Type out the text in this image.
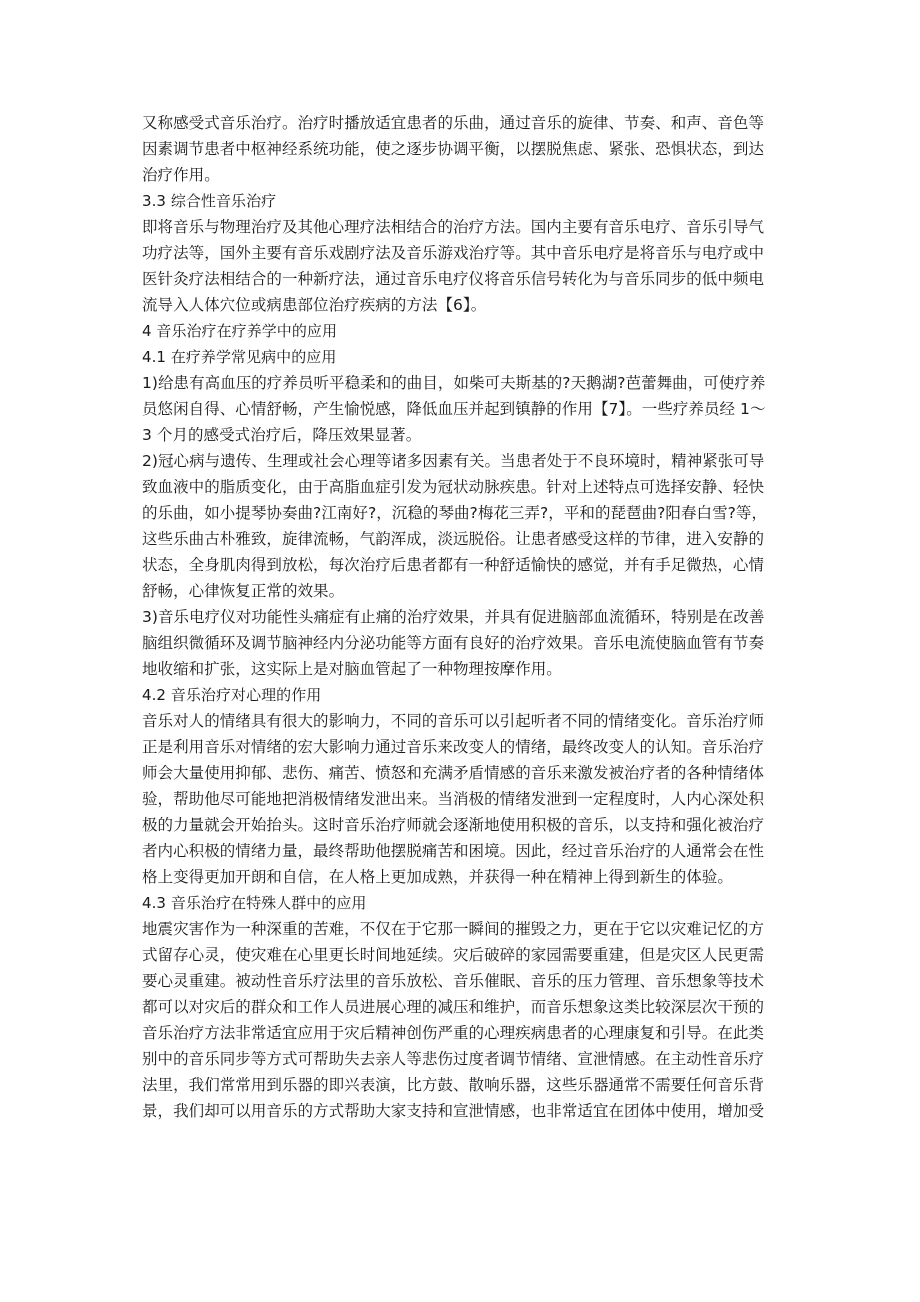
又称感受式音乐治疗。治疗时播放适宜患者的乐曲，通过音乐的旋律、节奏、和声、音色等
因素调节患者中枢神经系统功能，使之逐步协调平衡，以摆脱焦虑、紧张、恐惧状态，到达
治疗作用。
3.3 综合性音乐治疗
即将音乐与物理治疗及其他心理疗法相结合的治疗方法。国内主要有音乐电疗、音乐引导气
功疗法等，国外主要有音乐戏剧疗法及音乐游戏治疗等。其中音乐电疗是将音乐与电疗或中
医针灸疗法相结合的一种新疗法，通过音乐电疗仪将音乐信号转化为与音乐同步的低中频电
流导入人体穴位或病患部位治疗疾病的方法【6】。
4 音乐治疗在疗养学中的应用
4.1 在疗养学常见病中的应用
1)给患有高血压的疗养员听平稳柔和的曲目，如柴可夫斯基的?天鹅湖?芭蕾舞曲，可使疗养
员悠闲自得、心情舒畅，产生愉悦感，降低血压并起到镇静的作用【7】。一些疗养员经 1～
3 个月的感受式治疗后，降压效果显著。
2)冠心病与遗传、生理或社会心理等诸多因素有关。当患者处于不良环境时，精神紧张可导
致血液中的脂质变化，由于高脂血症引发为冠状动脉疾患。针对上述特点可选择安静、轻快
的乐曲，如小提琴协奏曲?江南好?，沉稳的琴曲?梅花三弄?，平和的琵琶曲?阳春白雪?等，
这些乐曲古朴雅致，旋律流畅，气韵浑成，淡远脱俗。让患者感受这样的节律，进入安静的
状态，全身肌肉得到放松，每次治疗后患者都有一种舒适愉快的感觉，并有手足微热，心情
舒畅，心律恢复正常的效果。
3)音乐电疗仪对功能性头痛症有止痛的治疗效果，并具有促进脑部血流循环，特别是在改善
脑组织微循环及调节脑神经内分泌功能等方面有良好的治疗效果。音乐电流使脑血管有节奏
地收缩和扩张，这实际上是对脑血管起了一种物理按摩作用。
4.2 音乐治疗对心理的作用
音乐对人的情绪具有很大的影响力，不同的音乐可以引起听者不同的情绪变化。音乐治疗师
正是利用音乐对情绪的宏大影响力通过音乐来改变人的情绪，最终改变人的认知。音乐治疗
师会大量使用抑郁、悲伤、痛苦、愤怒和充满矛盾情感的音乐来激发被治疗者的各种情绪体
验，帮助他尽可能地把消极情绪发泄出来。当消极的情绪发泄到一定程度时，人内心深处积
极的力量就会开始抬头。这时音乐治疗师就会逐渐地使用积极的音乐，以支持和强化被治疗
者内心积极的情绪力量，最终帮助他摆脱痛苦和困境。因此，经过音乐治疗的人通常会在性
格上变得更加开朗和自信，在人格上更加成熟，并获得一种在精神上得到新生的体验。
4.3 音乐治疗在特殊人群中的应用
地震灾害作为一种深重的苦难，不仅在于它那一瞬间的摧毁之力，更在于它以灾难记忆的方
式留存心灵，使灾难在心里更长时间地延续。灾后破碎的家园需要重建，但是灾区人民更需
要心灵重建。被动性音乐疗法里的音乐放松、音乐催眠、音乐的压力管理、音乐想象等技术
都可以对灾后的群众和工作人员进展心理的减压和维护，而音乐想象这类比较深层次干预的
音乐治疗方法非常适宜应用于灾后精神创伤严重的心理疾病患者的心理康复和引导。在此类
别中的音乐同步等方式可帮助失去亲人等悲伤过度者调节情绪、宣泄情感。在主动性音乐疗
法里，我们常常用到乐器的即兴表演，比方鼓、散响乐器，这些乐器通常不需要任何音乐背
景，我们却可以用音乐的方式帮助大家支持和宣泄情感，也非常适宜在团体中使用，增加受
